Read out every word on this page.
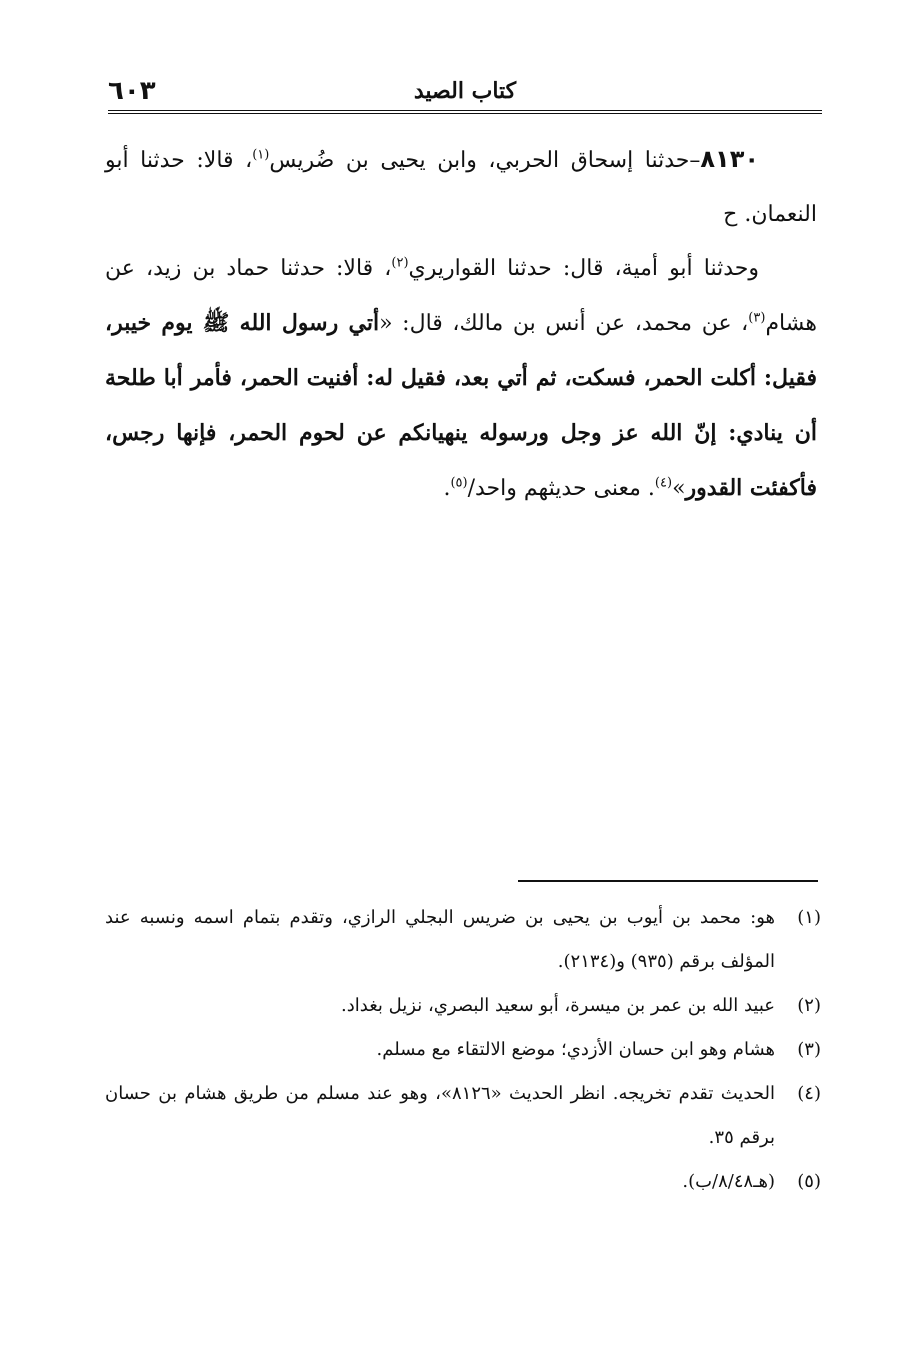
٦٠٣	كتاب الصيد

٨١٣٠–حدثنا إسحاق الحربي، وابن يحيى بن ضُريس$^{(١)}$، قالا: حدثنا أبو النعمان. ح

وحدثنا أبو أمية، قال: حدثنا القواريري$^{(٢)}$، قالا: حدثنا حماد بن زيد، عن هشام$^{(٣)}$، عن محمد، عن أنس بن مالك، قال: «أتي رسول الله ﷺ يوم خيبر، فقيل: أكلت الحمر، فسكت، ثم أتي بعد، فقيل له: أفنيت الحمر، فأمر أبا طلحة أن ينادي: إنّ الله عز وجل ورسوله ينهيانكم عن لحوم الحمر، فإنها رجس، فأكفئت القدور»$^{(٤)}$. معنى حديثهم واحد/$^{(٥)}$.

(١)
هو: محمد بن أيوب بن يحيى بن ضريس البجلي الرازي، وتقدم بتمام اسمه ونسبه عند المؤلف برقم (٩٣٥) و(٢١٣٤).
(٢)
عبيد الله بن عمر بن ميسرة، أبو سعيد البصري، نزيل بغداد.
(٣)
هشام وهو ابن حسان الأزدي؛ موضع الالتقاء مع مسلم.
(٤)
الحديث تقدم تخريجه. انظر الحديث «٨١٢٦»، وهو عند مسلم من طريق هشام بن حسان برقم ٣٥.
(٥)
(هـ٨/٤٨/ب).
